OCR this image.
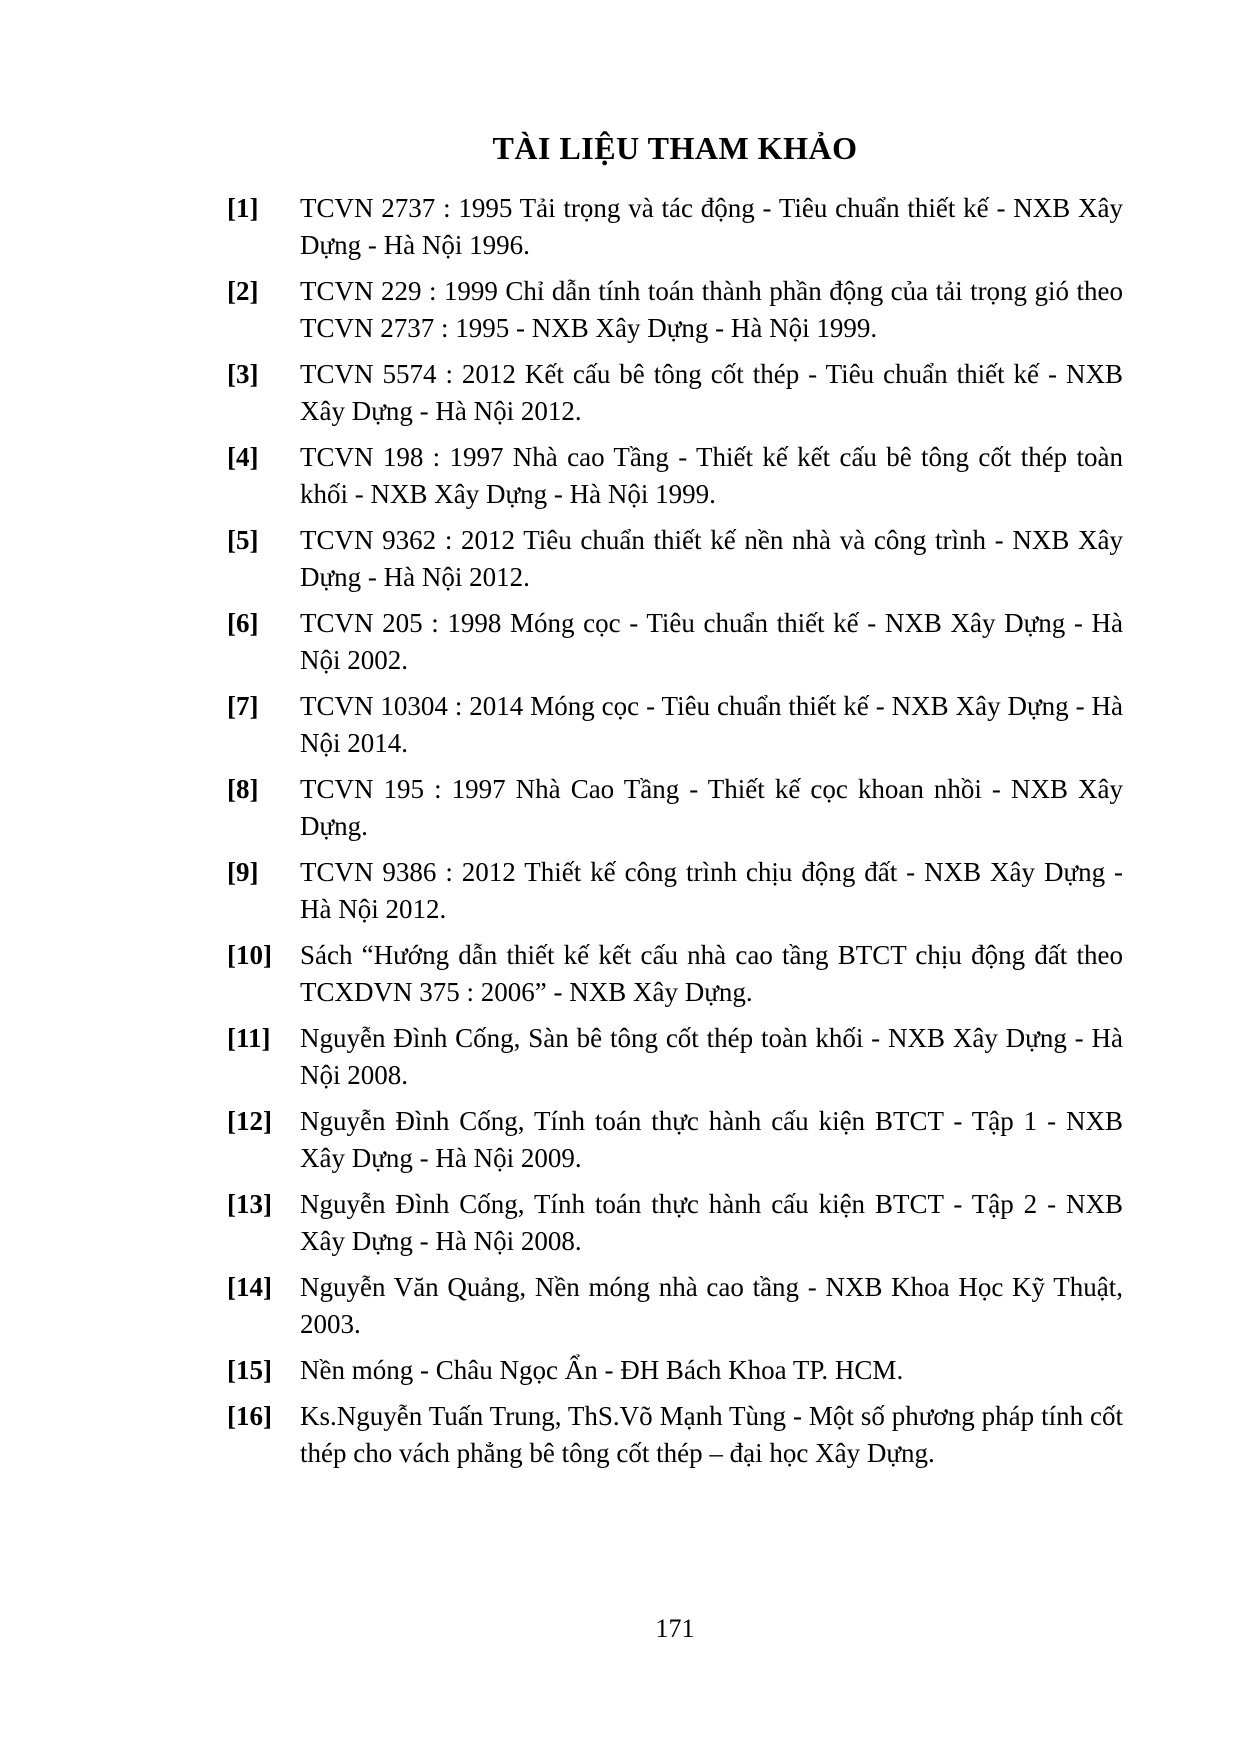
TÀI LIỆU THAM KHẢO
[1] TCVN 2737 : 1995 Tải trọng và tác động - Tiêu chuẩn thiết kế - NXB Xây Dựng - Hà Nội 1996.
[2] TCVN 229 : 1999 Chỉ dẫn tính toán thành phần động của tải trọng gió theo TCVN 2737 : 1995 - NXB Xây Dựng - Hà Nội 1999.
[3] TCVN 5574 : 2012 Kết cấu bê tông cốt thép - Tiêu chuẩn thiết kế - NXB Xây Dựng - Hà Nội 2012.
[4] TCVN 198 : 1997 Nhà cao Tầng - Thiết kế kết cấu bê tông cốt thép toàn khối - NXB Xây Dựng - Hà Nội 1999.
[5] TCVN 9362 : 2012 Tiêu chuẩn thiết kế nền nhà và công trình - NXB Xây Dựng - Hà Nội 2012.
[6] TCVN 205 : 1998 Móng cọc - Tiêu chuẩn thiết kế - NXB Xây Dựng - Hà Nội 2002.
[7] TCVN 10304 : 2014 Móng cọc - Tiêu chuẩn thiết kế - NXB Xây Dựng - Hà Nội 2014.
[8] TCVN 195 : 1997 Nhà Cao Tầng - Thiết kế cọc khoan nhồi - NXB Xây Dựng.
[9] TCVN 9386 : 2012 Thiết kế công trình chịu động đất - NXB Xây Dựng - Hà Nội 2012.
[10] Sách “Hướng dẫn thiết kế kết cấu nhà cao tầng BTCT chịu động đất theo TCXDVN 375 : 2006” - NXB Xây Dựng.
[11] Nguyễn Đình Cống, Sàn bê tông cốt thép toàn khối - NXB Xây Dựng - Hà Nội 2008.
[12] Nguyễn Đình Cống, Tính toán thực hành cấu kiện BTCT - Tập 1 - NXB Xây Dựng - Hà Nội 2009.
[13] Nguyễn Đình Cống, Tính toán thực hành cấu kiện BTCT - Tập 2 - NXB Xây Dựng - Hà Nội 2008.
[14] Nguyễn Văn Quảng, Nền móng nhà cao tầng - NXB Khoa Học Kỹ Thuật, 2003.
[15] Nền móng - Châu Ngọc Ẩn - ĐH Bách Khoa TP. HCM.
[16] Ks.Nguyễn Tuấn Trung, ThS.Võ Mạnh Tùng - Một số phương pháp tính cốt thép cho vách phẳng bê tông cốt thép – đại học Xây Dựng.
171
